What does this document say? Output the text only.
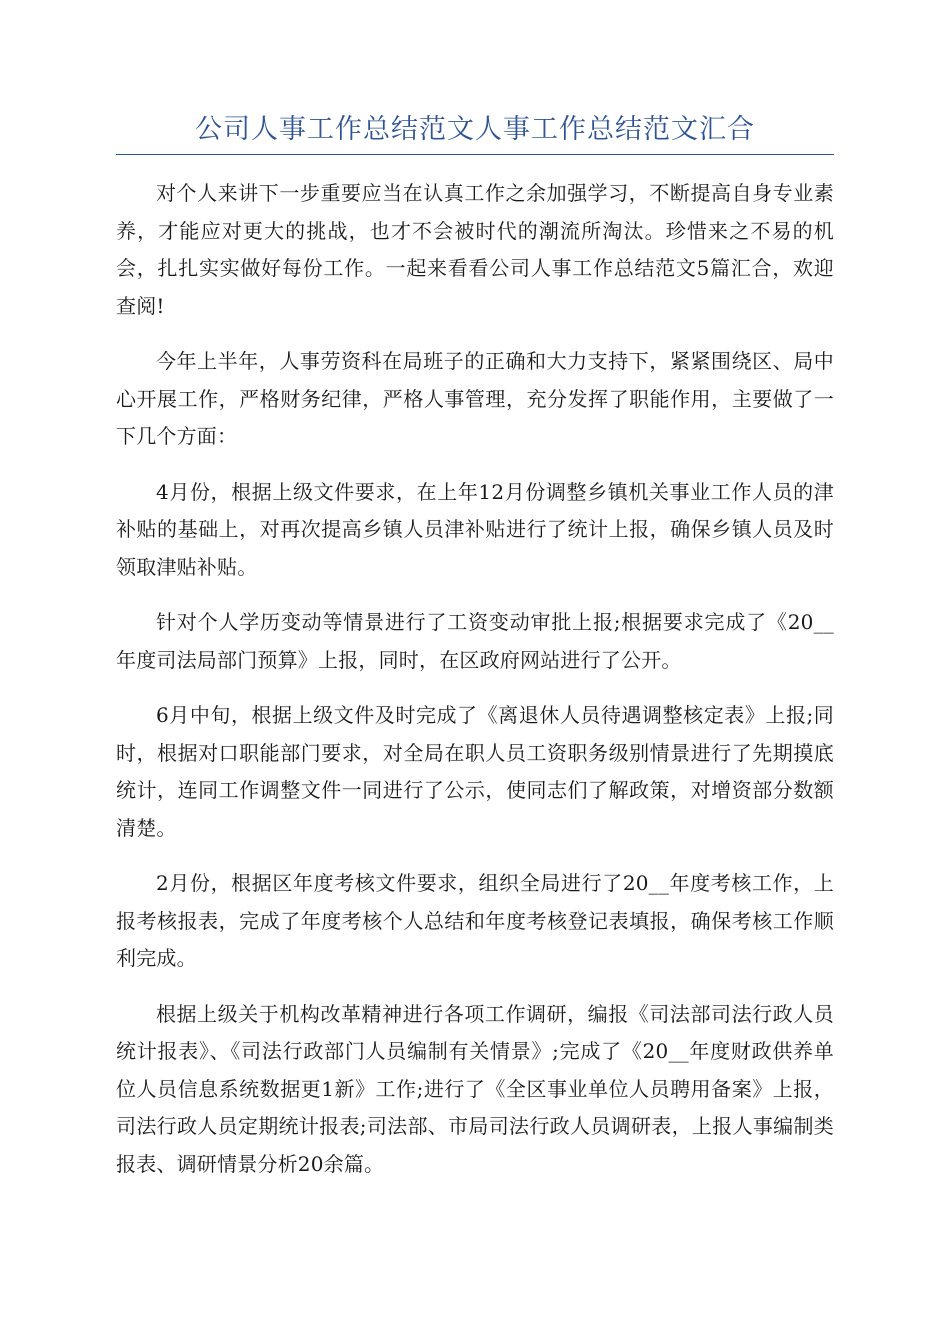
公司人事工作总结范文人事工作总结范文汇合

对个人来讲下一步重要应当在认真工作之余加强学习，不断提高自身专业素养，才能应对更大的挑战，也才不会被时代的潮流所淘汰。珍惜来之不易的机会，扎扎实实做好每份工作。一起来看看公司人事工作总结范文5篇汇合，欢迎查阅!

今年上半年，人事劳资科在局班子的正确和大力支持下，紧紧围绕区、局中心开展工作，严格财务纪律，严格人事管理，充分发挥了职能作用，主要做了一下几个方面：

4月份，根据上级文件要求，在上年12月份调整乡镇机关事业工作人员的津补贴的基础上，对再次提高乡镇人员津补贴进行了统计上报，确保乡镇人员及时领取津贴补贴。

针对个人学历变动等情景进行了工资变动审批上报;根据要求完成了《20__年度司法局部门预算》上报，同时，在区政府网站进行了公开。

6月中旬，根据上级文件及时完成了《离退休人员待遇调整核定表》上报;同时，根据对口职能部门要求，对全局在职人员工资职务级别情景进行了先期摸底统计，连同工作调整文件一同进行了公示，使同志们了解政策，对增资部分数额清楚。

2月份，根据区年度考核文件要求，组织全局进行了20__年度考核工作，上报考核报表，完成了年度考核个人总结和年度考核登记表填报，确保考核工作顺利完成。

根据上级关于机构改革精神进行各项工作调研，编报《司法部司法行政人员统计报表》、《司法行政部门人员编制有关情景》;完成了《20__年度财政供养单位人员信息系统数据更1新》工作;进行了《全区事业单位人员聘用备案》上报，司法行政人员定期统计报表;司法部、市局司法行政人员调研表，上报人事编制类报表、调研情景分析20余篇。
